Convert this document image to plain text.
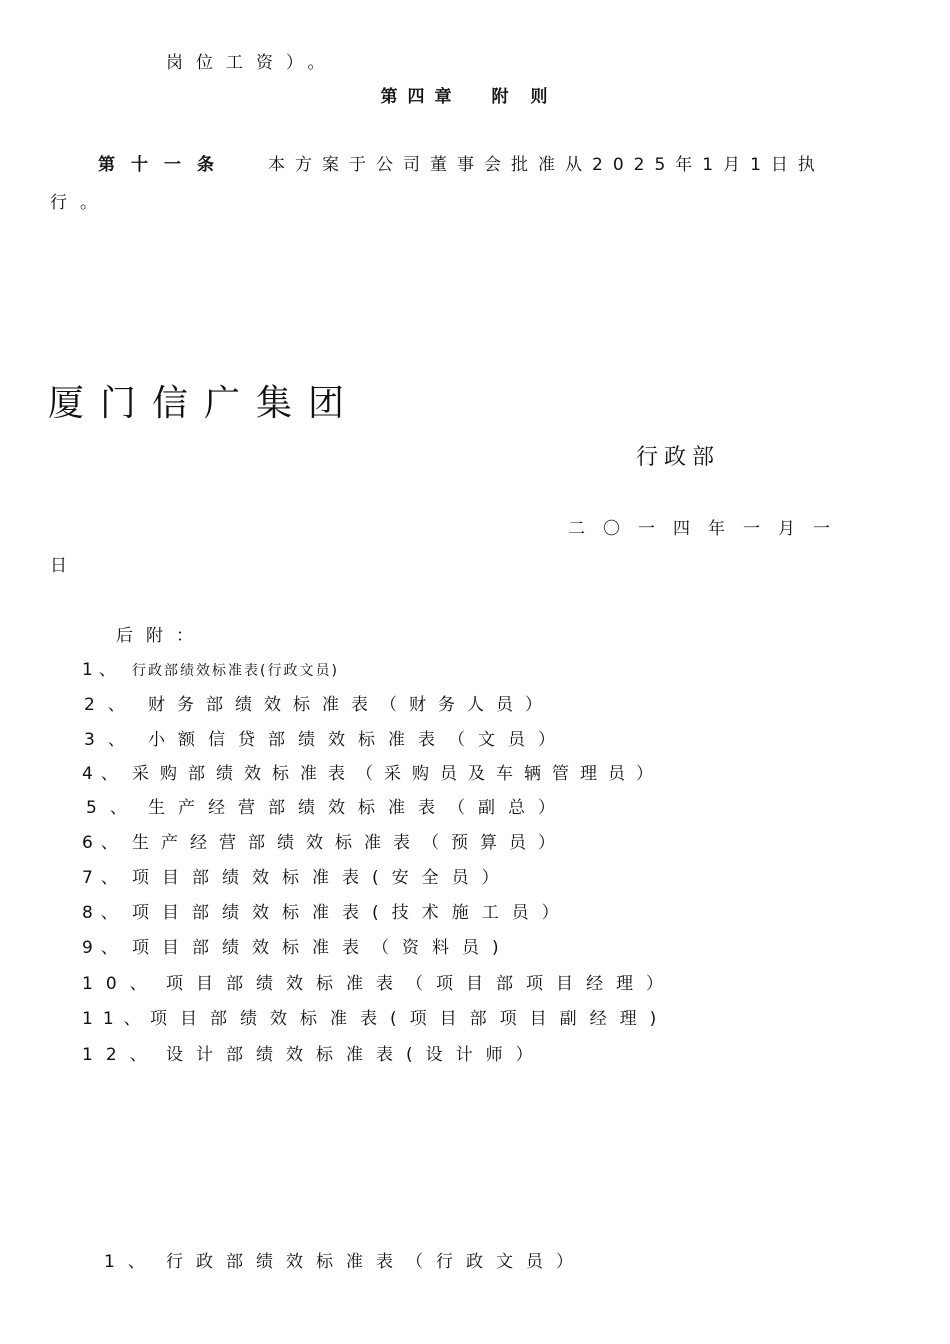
岗位工资）。
第四章 附则
第十一条 本方案于公司董事会批准从2025年1月1日执
行。
厦门信广集团
行政部
二〇一四年一月一
日
后附：
1、 行政部绩效标准表(行政文员)
2、 财务部绩效标准表（财务人员）
3、 小额信贷部绩效标准表（文员）
4、 采购部绩效标准表（采购员及车辆管理员）
5、 生产经营部绩效标准表（副总）
6、 生产经营部绩效标准表（预算员）
7、 项目部绩效标准表(安全员）
8、 项目部绩效标准表(技术施工员）
9、 项目部绩效标准表（资料员)
10、 项目部绩效标准表（项目部项目经理）
11、项目部绩效标准表(项目部项目副经理)
12、 设计部绩效标准表(设计师）
1、 行政部绩效标准表（行政文员）
